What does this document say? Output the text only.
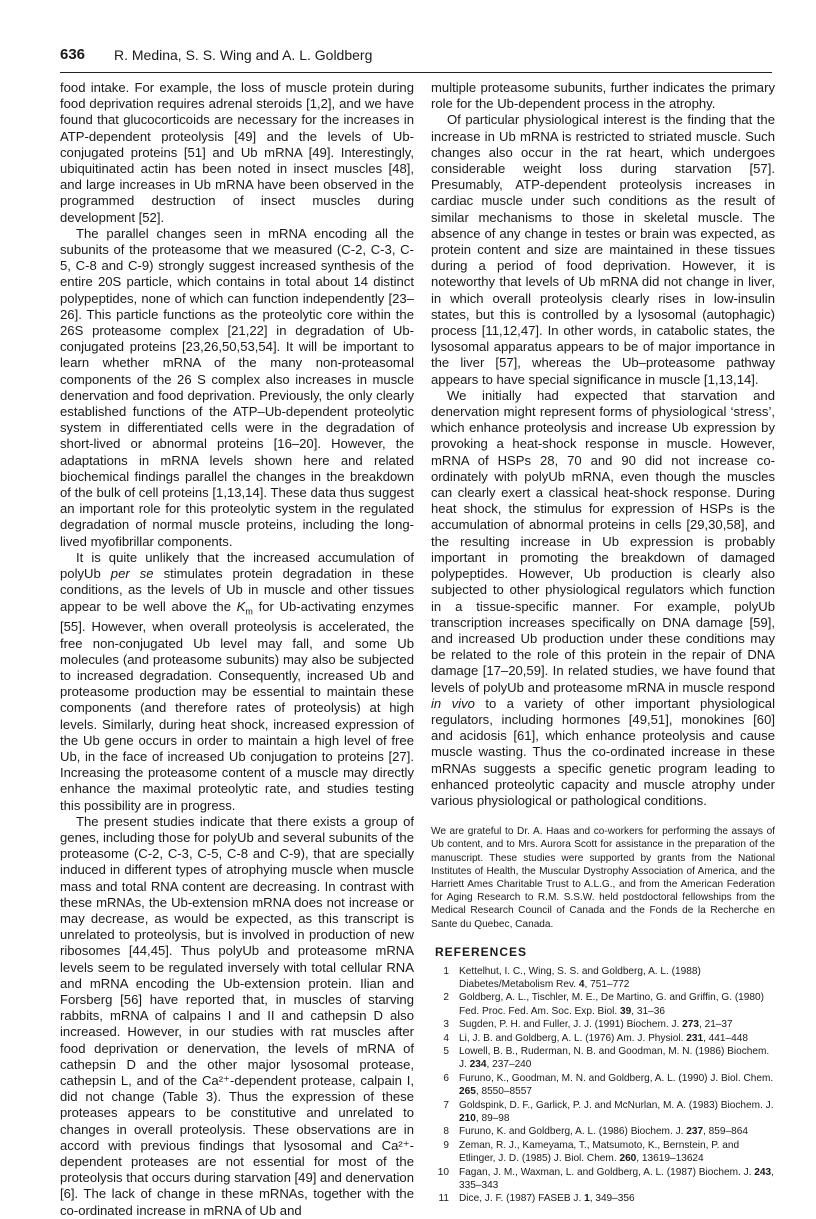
636 R. Medina, S. S. Wing and A. L. Goldberg

food intake. For example, the loss of muscle protein during food deprivation requires adrenal steroids [1,2], and we have found that glucocorticoids are necessary for the increases in ATP-dependent proteolysis [49] and the levels of Ub-conjugated proteins [51] and Ub mRNA [49]. Interestingly, ubiquitinated actin has been noted in insect muscles [48], and large increases in Ub mRNA have been observed in the programmed destruction of insect muscles during development [52].

The parallel changes seen in mRNA encoding all the subunits of the proteasome that we measured (C-2, C-3, C-5, C-8 and C-9) strongly suggest increased synthesis of the entire 20S particle, which contains in total about 14 distinct polypeptides, none of which can function independently [23–26]. This particle functions as the proteolytic core within the 26S proteasome complex [21,22] in degradation of Ub-conjugated proteins [23,26,50,53,54]. It will be important to learn whether mRNA of the many non-proteasomal components of the 26 S complex also increases in muscle denervation and food deprivation. Previously, the only clearly established functions of the ATP–Ub-dependent proteolytic system in differentiated cells were in the degradation of short-lived or abnormal proteins [16–20]. However, the adaptations in mRNA levels shown here and related biochemical findings parallel the changes in the breakdown of the bulk of cell proteins [1,13,14]. These data thus suggest an important role for this proteolytic system in the regulated degradation of normal muscle proteins, including the long-lived myofibrillar components.

It is quite unlikely that the increased accumulation of polyUb per se stimulates protein degradation in these conditions, as the levels of Ub in muscle and other tissues appear to be well above the $K_m$ for Ub-activating enzymes [55]. However, when overall proteolysis is accelerated, the free non-conjugated Ub level may fall, and some Ub molecules (and proteasome subunits) may also be subjected to increased degradation. Consequently, increased Ub and proteasome production may be essential to maintain these components (and therefore rates of proteolysis) at high levels. Similarly, during heat shock, increased expression of the Ub gene occurs in order to maintain a high level of free Ub, in the face of increased Ub conjugation to proteins [27]. Increasing the proteasome content of a muscle may directly enhance the maximal proteolytic rate, and studies testing this possibility are in progress.

The present studies indicate that there exists a group of genes, including those for polyUb and several subunits of the proteasome (C-2, C-3, C-5, C-8 and C-9), that are specially induced in different types of atrophying muscle when muscle mass and total RNA content are decreasing. In contrast with these mRNAs, the Ub-extension mRNA does not increase or may decrease, as would be expected, as this transcript is unrelated to proteolysis, but is involved in production of new ribosomes [44,45]. Thus polyUb and proteasome mRNA levels seem to be regulated inversely with total cellular RNA and mRNA encoding the Ub-extension protein. Ilian and Forsberg [56] have reported that, in muscles of starving rabbits, mRNA of calpains I and II and cathepsin D also increased. However, in our studies with rat muscles after food deprivation or denervation, the levels of mRNA of cathepsin D and the other major lysosomal protease, cathepsin L, and of the Ca²⁺-dependent protease, calpain I, did not change (Table 3). Thus the expression of these proteases appears to be constitutive and unrelated to changes in overall proteolysis. These observations are in accord with previous findings that lysosomal and Ca²⁺-dependent proteases are not essential for most of the proteolysis that occurs during starvation [49] and denervation [6]. The lack of change in these mRNAs, together with the co-ordinated increase in mRNA of Ub and

multiple proteasome subunits, further indicates the primary role for the Ub-dependent process in the atrophy.

Of particular physiological interest is the finding that the increase in Ub mRNA is restricted to striated muscle. Such changes also occur in the rat heart, which undergoes considerable weight loss during starvation [57]. Presumably, ATP-dependent proteolysis increases in cardiac muscle under such conditions as the result of similar mechanisms to those in skeletal muscle. The absence of any change in testes or brain was expected, as protein content and size are maintained in these tissues during a period of food deprivation. However, it is noteworthy that levels of Ub mRNA did not change in liver, in which overall proteolysis clearly rises in low-insulin states, but this is controlled by a lysosomal (autophagic) process [11,12,47]. In other words, in catabolic states, the lysosomal apparatus appears to be of major importance in the liver [57], whereas the Ub–proteasome pathway appears to have special significance in muscle [1,13,14].

We initially had expected that starvation and denervation might represent forms of physiological ‘stress’, which enhance proteolysis and increase Ub expression by provoking a heat-shock response in muscle. However, mRNA of HSPs 28, 70 and 90 did not increase co-ordinately with polyUb mRNA, even though the muscles can clearly exert a classical heat-shock response. During heat shock, the stimulus for expression of HSPs is the accumulation of abnormal proteins in cells [29,30,58], and the resulting increase in Ub expression is probably important in promoting the breakdown of damaged polypeptides. However, Ub production is clearly also subjected to other physiological regulators which function in a tissue-specific manner. For example, polyUb transcription increases specifically on DNA damage [59], and increased Ub production under these conditions may be related to the role of this protein in the repair of DNA damage [17–20,59]. In related studies, we have found that levels of polyUb and proteasome mRNA in muscle respond in vivo to a variety of other important physiological regulators, including hormones [49,51], monokines [60] and acidosis [61], which enhance proteolysis and cause muscle wasting. Thus the co-ordinated increase in these mRNAs suggests a specific genetic program leading to enhanced proteolytic capacity and muscle atrophy under various physiological or pathological conditions.

We are grateful to Dr. A. Haas and co-workers for performing the assays of Ub content, and to Mrs. Aurora Scott for assistance in the preparation of the manuscript. These studies were supported by grants from the National Institutes of Health, the Muscular Dystrophy Association of America, and the Harriett Ames Charitable Trust to A.L.G., and from the American Federation for Aging Research to R.M. S.S.W. held postdoctoral fellowships from the Medical Research Council of Canada and the Fonds de la Recherche en Sante du Quebec, Canada.

REFERENCES
1 Kettelhut, I. C., Wing, S. S. and Goldberg, A. L. (1988) Diabetes/Metabolism Rev. 4, 751–772
2 Goldberg, A. L., Tischler, M. E., De Martino, G. and Griffin, G. (1980) Fed. Proc. Fed. Am. Soc. Exp. Biol. 39, 31–36
3 Sugden, P. H. and Fuller, J. J. (1991) Biochem. J. 273, 21–37
4 Li, J. B. and Goldberg, A. L. (1976) Am. J. Physiol. 231, 441–448
5 Lowell, B. B., Ruderman, N. B. and Goodman, M. N. (1986) Biochem. J. 234, 237–240
6 Furuno, K., Goodman, M. N. and Goldberg, A. L. (1990) J. Biol. Chem. 265, 8550–8557
7 Goldspink, D. F., Garlick, P. J. and McNurlan, M. A. (1983) Biochem. J. 210, 89–98
8 Furuno, K. and Goldberg, A. L. (1986) Biochem. J. 237, 859–864
9 Zeman, R. J., Kameyama, T., Matsumoto, K., Bernstein, P. and Etlinger, J. D. (1985) J. Biol. Chem. 260, 13619–13624
10 Fagan, J. M., Waxman, L. and Goldberg, A. L. (1987) Biochem. J. 243, 335–343
11 Dice, J. F. (1987) FASEB J. 1, 349–356
